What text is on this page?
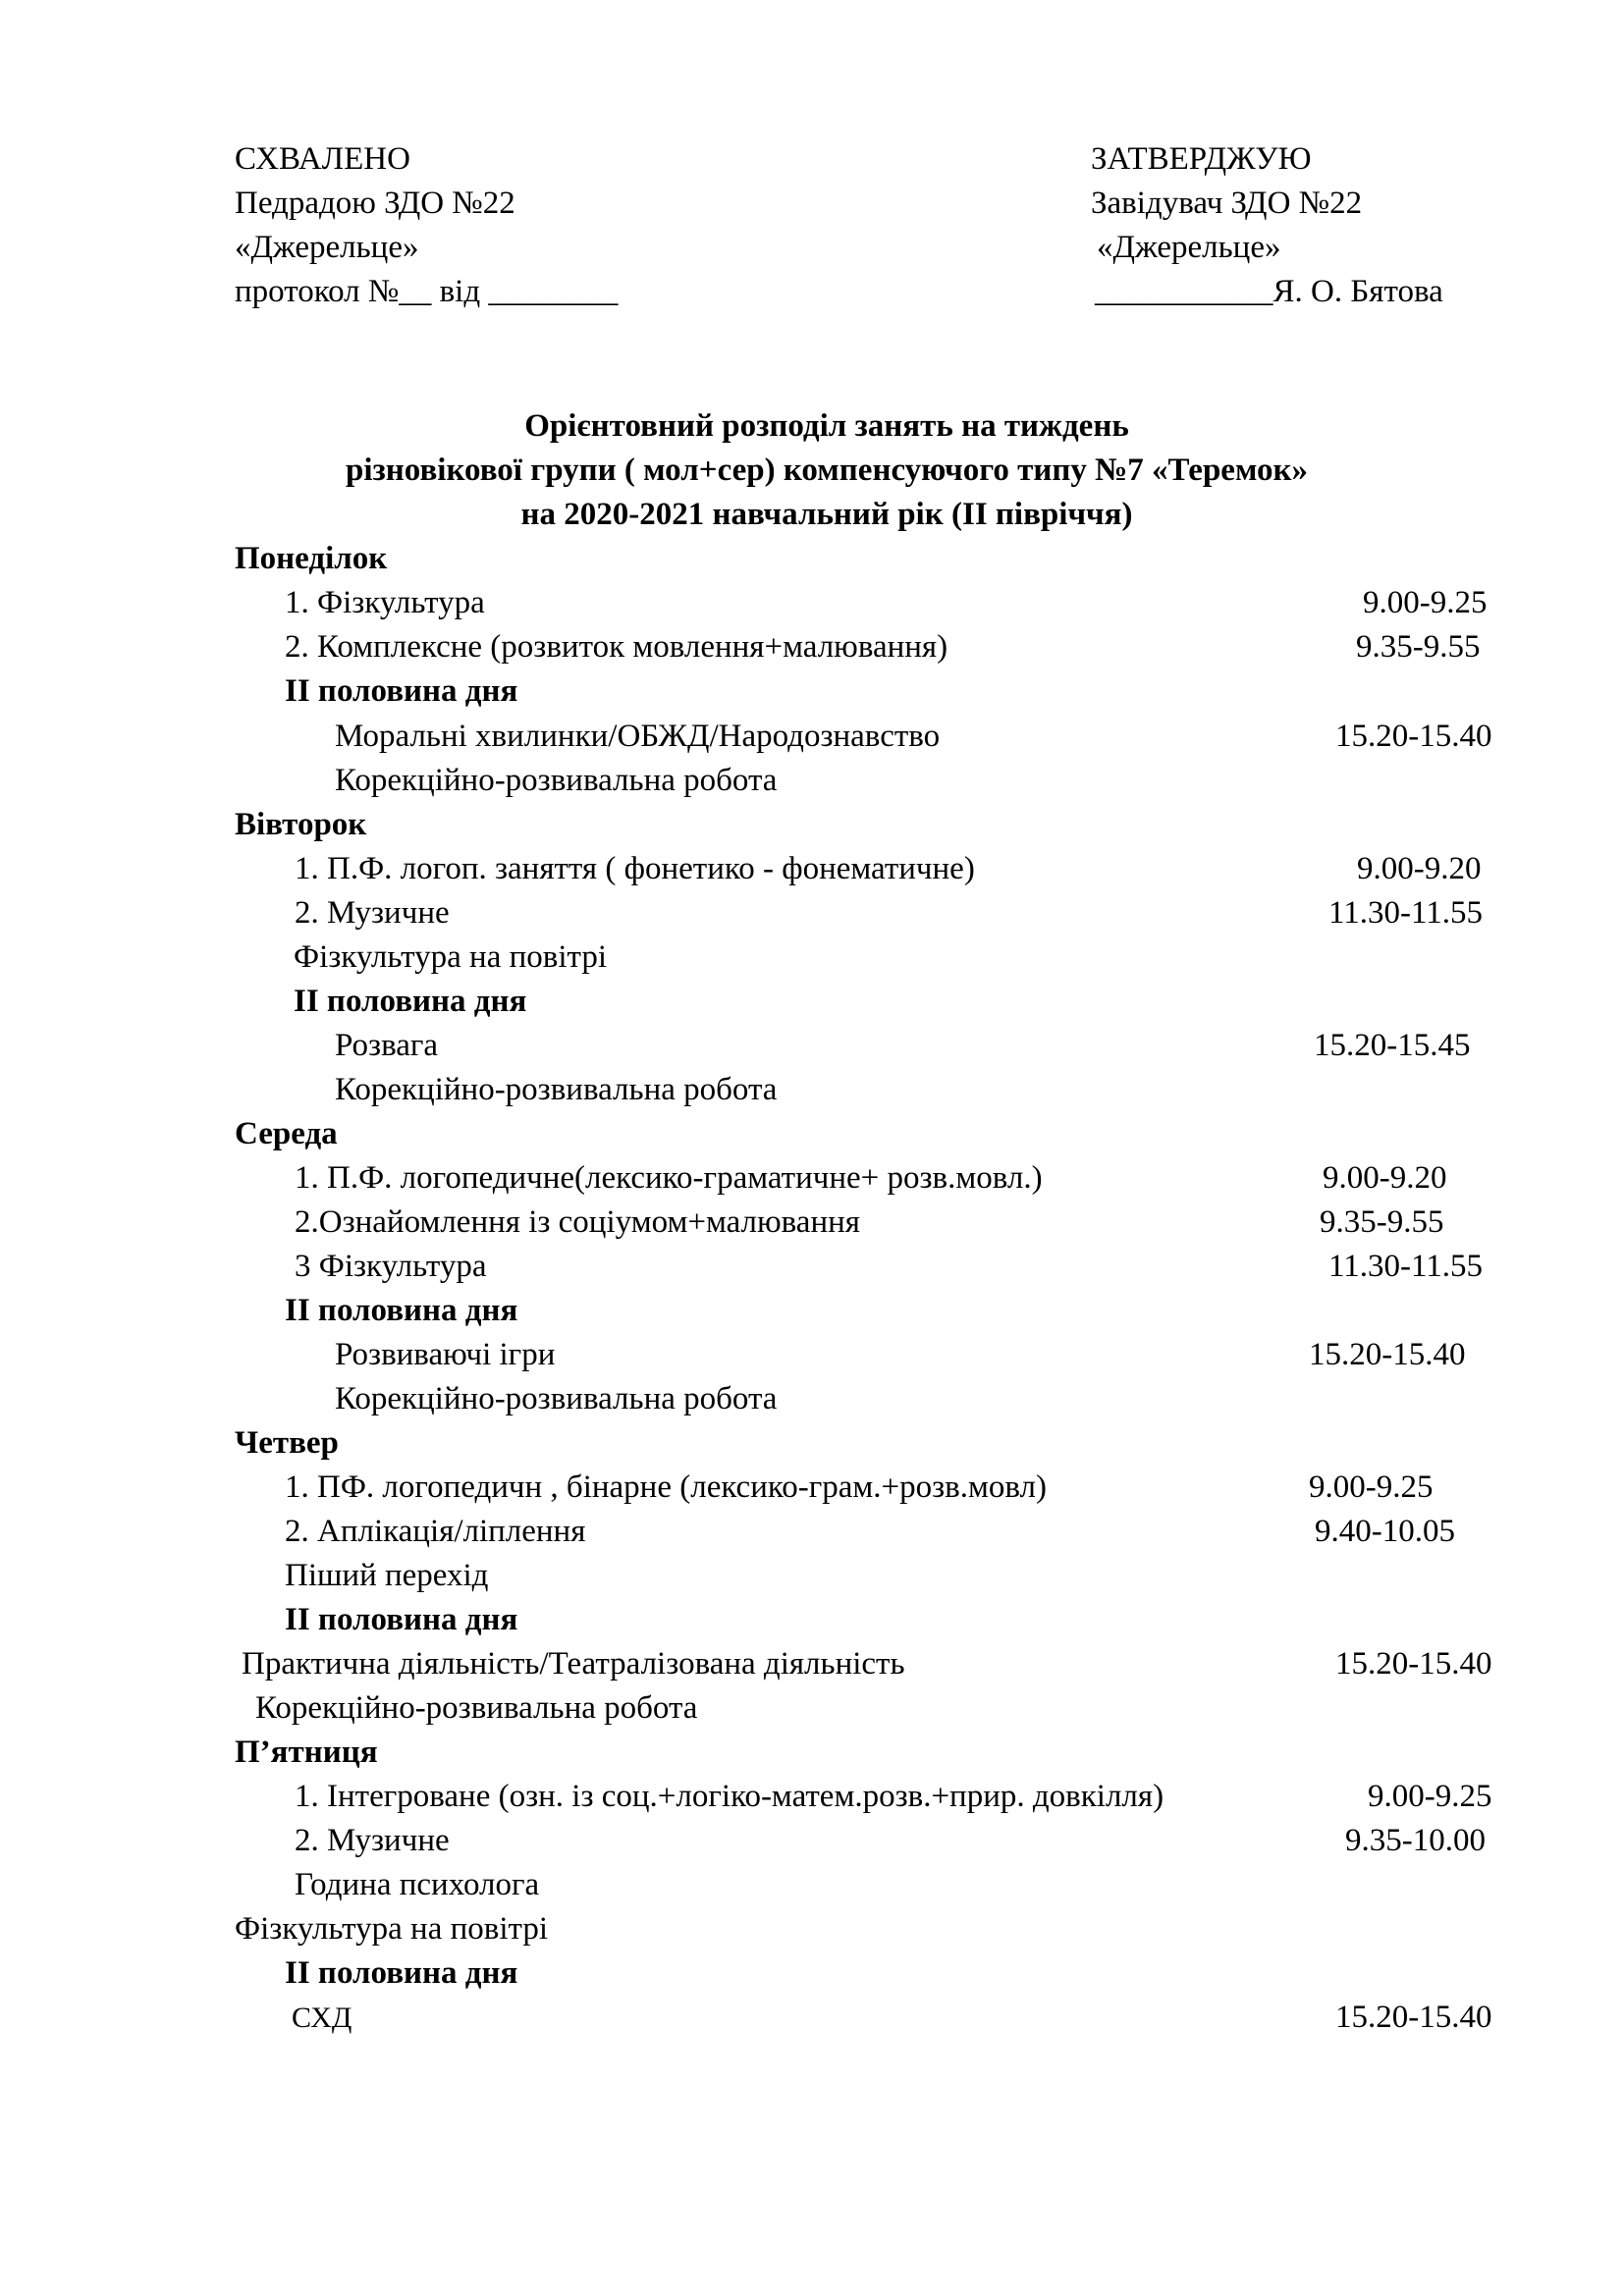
СХВАЛЕНО
Педрадою ЗДО №22
«Джерельце»
протокол №__ від ________
ЗАТВЕРДЖУЮ
Завідувач ЗДО №22
«Джерельце»
___________Я. О. Бятова
Орієнтовний розподіл занять на тиждень
різновікової групи ( мол+сер) компенсуючого типу №7 «Теремок»
на 2020-2021 навчальний рік (ІІ півріччя)
Понеділок
1. Фізкультура	9.00-9.25
2. Комплексне (розвиток мовлення+малювання)	9.35-9.55
ІІ половина дня
Моральні хвилинки/ОБЖД/Народознавство	15.20-15.40
Корекційно-розвивальна робота
Вівторок
1. П.Ф. логоп. заняття ( фонетико - фонематичне)	9.00-9.20
2. Музичне	11.30-11.55
Фізкультура на повітрі
ІІ половина дня
Розвага	15.20-15.45
Корекційно-розвивальна робота
Середа
1. П.Ф. логопедичне(лексико-граматичне+ розв.мовл.)	9.00-9.20
2.Ознайомлення із соціумом+малювання	9.35-9.55
3 Фізкультура	11.30-11.55
ІІ половина дня
Розвиваючі ігри	15.20-15.40
Корекційно-розвивальна робота
Четвер
1. ПФ. логопедичн , бінарне (лексико-грам.+розв.мовл)	9.00-9.25
2. Аплікація/ліплення	9.40-10.05
Піший перехід
ІІ половина дня
Практична діяльність/Театралізована діяльність	15.20-15.40
Корекційно-розвивальна робота
П’ятниця
1. Інтегроване (озн. із соц.+логіко-матем.розв.+прир. довкілля)	9.00-9.25
2. Музичне	9.35-10.00
Година психолога
Фізкультура на повітрі
ІІ половина дня
СХД	15.20-15.40
